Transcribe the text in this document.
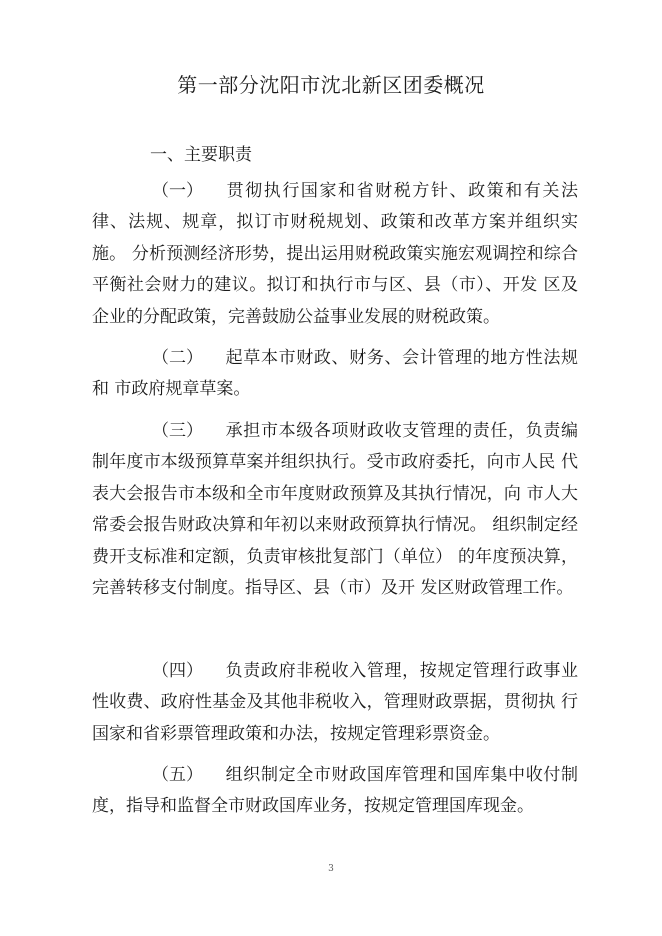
第一部分沈阳市沈北新区团委概况
一、主要职责

（一） 贯彻执行国家和省财税方针、政策和有关法律、法规、规章，拟订市财税规划、政策和改革方案并组织实施。 分析预测经济形势，提出运用财税政策实施宏观调控和综合 平衡社会财力的建议。拟订和执行市与区、县（市）、开发 区及企业的分配政策，完善鼓励公益事业发展的财税政策。

（二） 起草本市财政、财务、会计管理的地方性法规和 市政府规章草案。

（三） 承担市本级各项财政收支管理的责任，负责编制年度市本级预算草案并组织执行。受市政府委托，向市人民 代表大会报告市本级和全市年度财政预算及其执行情况，向 市人大常委会报告财政决算和年初以来财政预算执行情况。 组织制定经费开支标准和定额，负责审核批复部门（单位） 的年度预决算，完善转移支付制度。指导区、县（市）及开 发区财政管理工作。

（四） 负责政府非税收入管理，按规定管理行政事业性收费、政府性基金及其他非税收入，管理财政票据，贯彻执 行国家和省彩票管理政策和办法，按规定管理彩票资金。

（五） 组织制定全市财政国库管理和国库集中收付制 度，指导和监督全市财政国库业务，按规定管理国库现金。

3
